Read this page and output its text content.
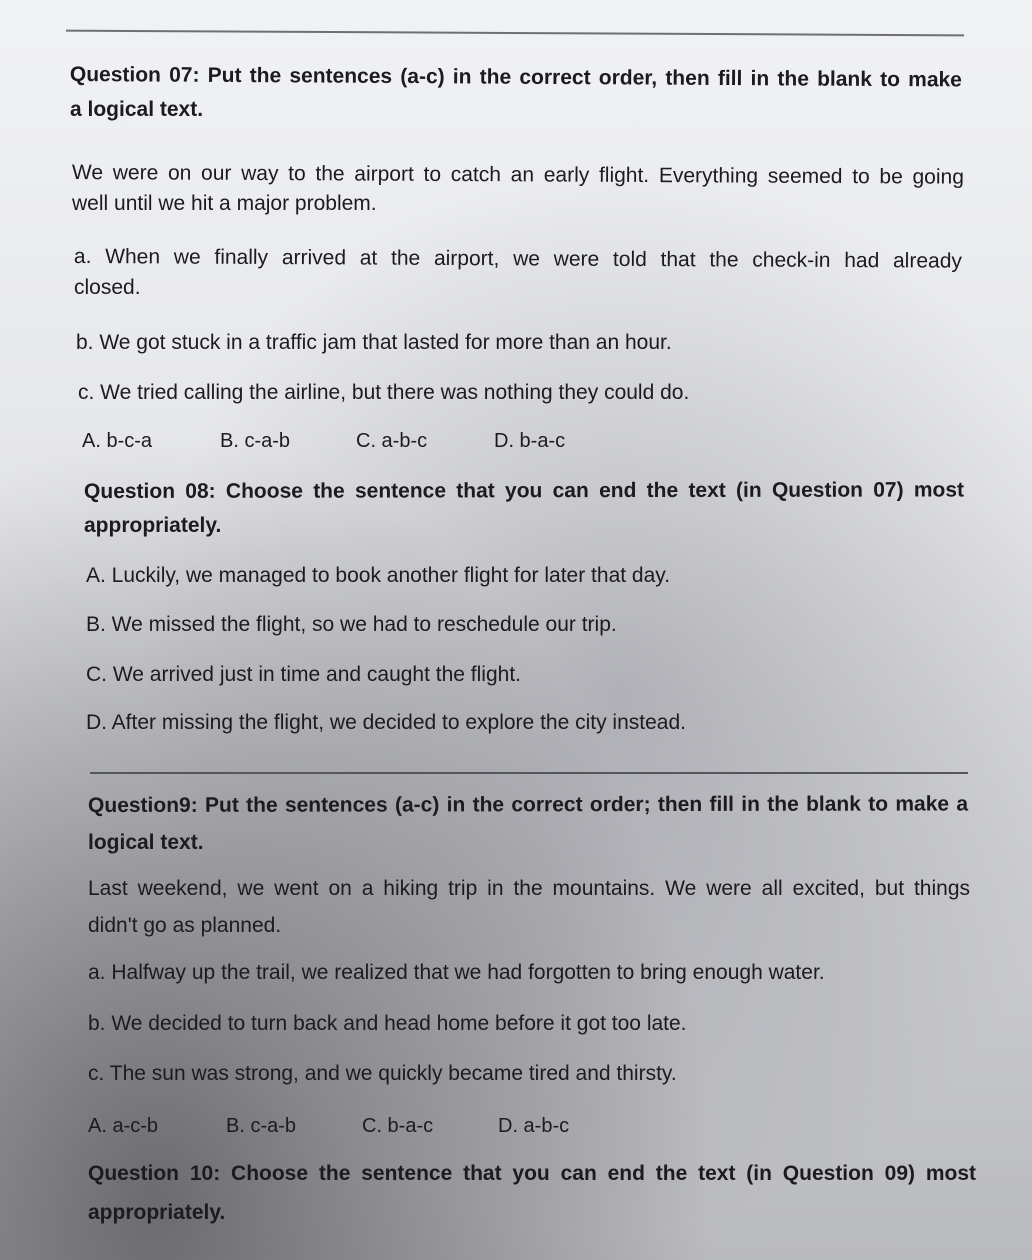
Question 07: Put the sentences (a-c) in the correct order, then fill in the blank to make
a logical text.
We were on our way to the airport to catch an early flight. Everything seemed to be going
well until we hit a major problem.
a. When we finally arrived at the airport, we were told that the check-in had already
closed.
b. We got stuck in a traffic jam that lasted for more than an hour.
c. We tried calling the airline, but there was nothing they could do.
A. b-c-a	B. c-a-b	C. a-b-c	D. b-a-c
Question 08: Choose the sentence that you can end the text (in Question 07) most
appropriately.
A. Luckily, we managed to book another flight for later that day.
B. We missed the flight, so we had to reschedule our trip.
C. We arrived just in time and caught the flight.
D. After missing the flight, we decided to explore the city instead.
Question9: Put the sentences (a-c) in the correct order; then fill in the blank to make a
logical text.
Last weekend, we went on a hiking trip in the mountains. We were all excited, but things
didn't go as planned.
a. Halfway up the trail, we realized that we had forgotten to bring enough water.
b. We decided to turn back and head home before it got too late.
c. The sun was strong, and we quickly became tired and thirsty.
A. a-c-b	B. c-a-b	C. b-a-c	D. a-b-c
Question 10: Choose the sentence that you can end the text (in Question 09) most
appropriately.
